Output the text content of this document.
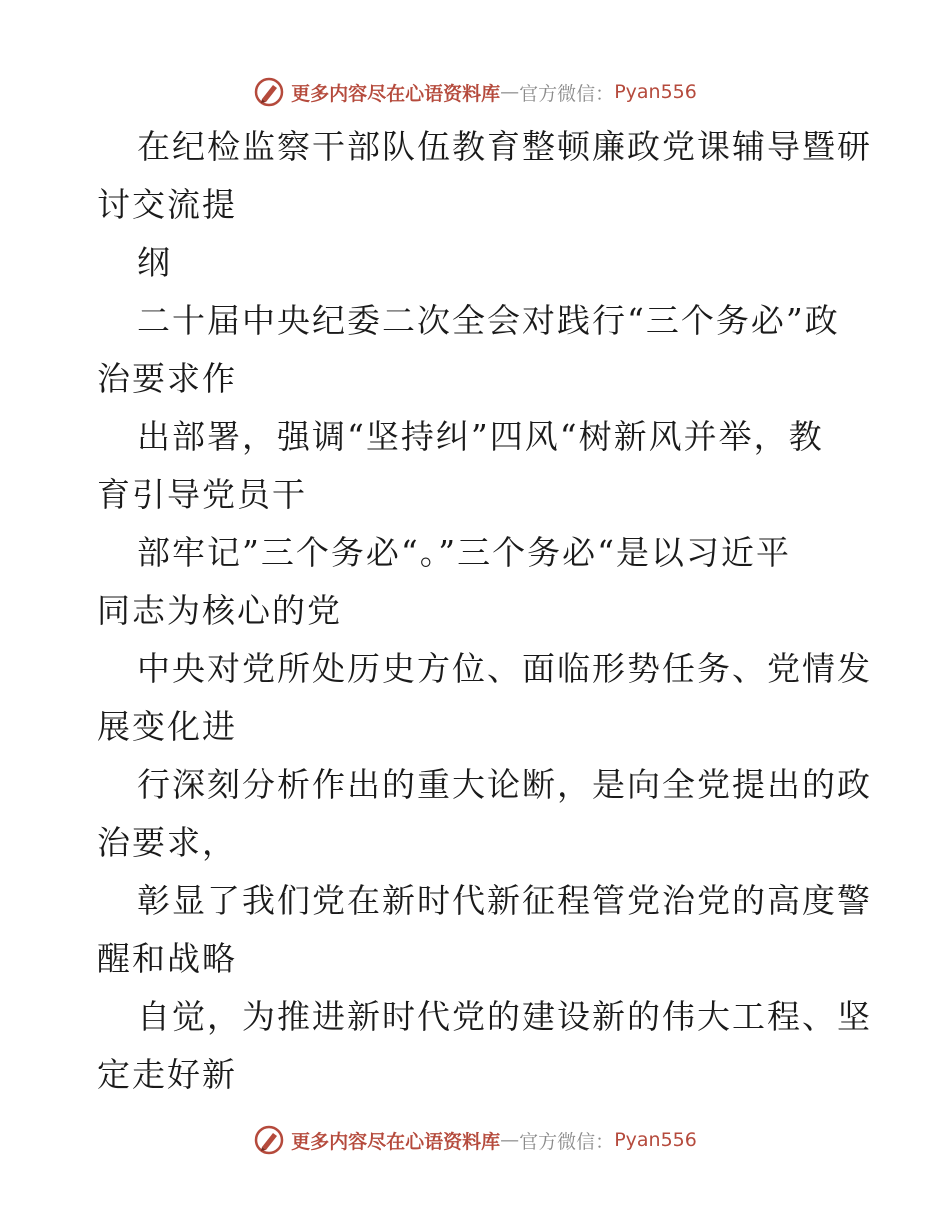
更多内容尽在心语资料库 — 官方微信： Pyan556

在纪检监察干部队伍教育整顿廉政党课辅导暨研
讨交流提

纲

二十届中央纪委二次全会对践行“三个务必”政
治要求作

出部署，强调“坚持纠”四风“树新风并举，教
育引导党员干

部牢记”三个务必“。”三个务必“是以习近平
同志为核心的党

中央对党所处历史方位、面临形势任务、党情发
展变化进

行深刻分析作出的重大论断，是向全党提出的政
治要求，

彰显了我们党在新时代新征程管党治党的高度警
醒和战略

自觉，为推进新时代党的建设新的伟大工程、坚
定走好新

更多内容尽在心语资料库 — 官方微信： Pyan556
